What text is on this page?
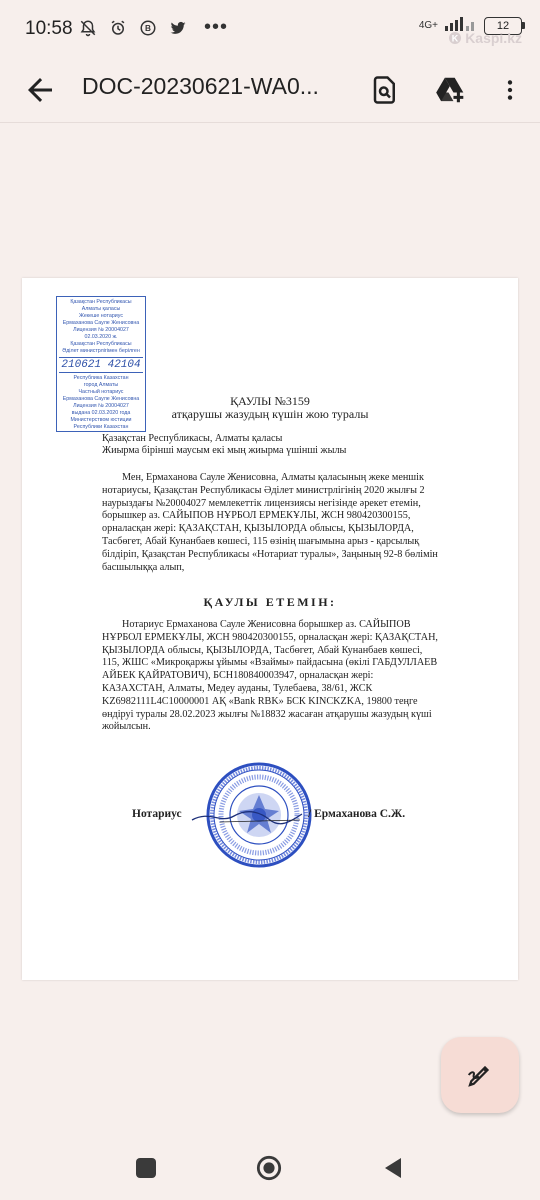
10:58	B	•••	4G+	12
K Kaspi.kz
DOC-20230621-WA0...
Қазақстан Республикасы
Алматы қаласы
Жекеше нотариус
Ермаханова Сауле Женисовна
Лицензия № 20004027
02.03.2020 ж.
Қазақстан Республикасы
Әділет министрлігімен берілген
210621 42104
Республика Казахстан
город Алматы
Частный нотариус
Ермаханова Сауле Женисовна
Лицензия № 20004027
выдана 02.03.2020 года
Министерством юстиции
Республики Казахстан
ҚАУЛЫ №3159
атқарушы жазудың күшін жою туралы
Қазақстан Республикасы, Алматы қаласы
Жиырма бірінші маусым екі мың жиырма үшінші жылы
Мен, Ермаханова Сауле Женисовна, Алматы қаласының жеке меншік
нотариусы, Қазақстан Республикасы Әділет министрлігінің 2020 жылғы 2
наурыздағы №20004027 мемлекеттік лицензиясы негізінде әрекет етемін,
борышкер аз. САЙЫПОВ НҰРБОЛ ЕРМЕКҰЛЫ, ЖСН 980420300155,
орналасқан жері: ҚАЗАҚСТАН, ҚЫЗЫЛОРДА облысы, ҚЫЗЫЛОРДА,
Тасбөгет, Абай Кунанбаев көшесі, 115 өзінің шағымына арыз - қарсылық
білдіріп, Қазақстан Республикасы «Нотариат туралы», Заңының 92-8 бөлімін
басшылыққа алып,
ҚАУЛЫ ЕТЕМІН:
Нотариус Ермаханова Сауле Женисовна борышкер аз. САЙЫПОВ
НҰРБОЛ ЕРМЕКҰЛЫ, ЖСН 980420300155, орналасқан жері: ҚАЗАҚСТАН,
ҚЫЗЫЛОРДА облысы, ҚЫЗЫЛОРДА, Тасбөгет, Абай Кунанбаев көшесі,
115, ЖШС «Микроқаржы ұйымы «Взаймы» пайдасына (өкілі ГАБДУЛЛАЕВ
АЙБЕК ҚАЙРАТОВИЧ), БСН180840003947, орналасқан жері:
КАЗАХСТАН, Алматы, Медеу ауданы, Тулебаева, 38/61, ЖСК
KZ6982111L4C10000001 АҚ «Bank RBK» БСК KINCKZKA, 19800 теңге
өндіруі туралы 28.02.2023 жылғы №18832 жасаған атқарушы жазудың күші
жойылсын.
Нотариус	/ Ермаханова С.Ж.
